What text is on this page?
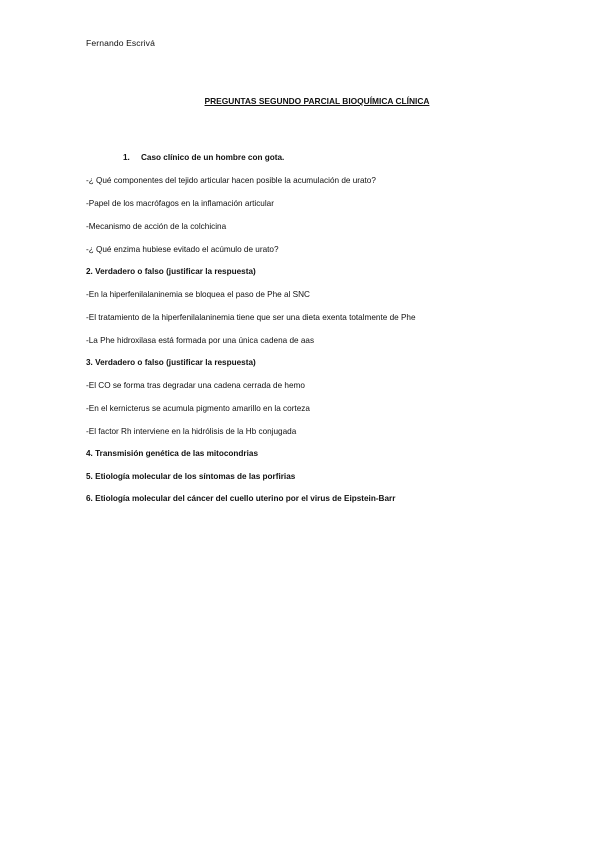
Fernando Escrivá
PREGUNTAS SEGUNDO PARCIAL BIOQUÍMICA CLÍNICA
1. Caso clínico de un hombre con gota.
-¿ Qué componentes del tejido articular hacen posible la acumulación de urato?
-Papel de los macrófagos en la inflamación articular
-Mecanismo de acción de la colchicina
-¿ Qué enzima hubiese evitado el acúmulo de urato?
2. Verdadero o falso (justificar la respuesta)
-En la hiperfenilalaninemia se bloquea el paso de Phe al SNC
-El tratamiento de la hiperfenilalaninemia tiene que ser una dieta exenta totalmente de Phe
-La Phe hidroxilasa está formada por una única cadena de aas
3. Verdadero o falso (justificar la respuesta)
-El CO se forma tras degradar una cadena cerrada de hemo
-En el kernicterus se acumula pigmento amarillo en la corteza
-El factor Rh interviene en la hidrólisis de la Hb conjugada
4. Transmisión genética de las mitocondrias
5. Etiología molecular de los síntomas de las porfirias
6. Etiología molecular del cáncer del cuello uterino por el virus de Eipstein-Barr
